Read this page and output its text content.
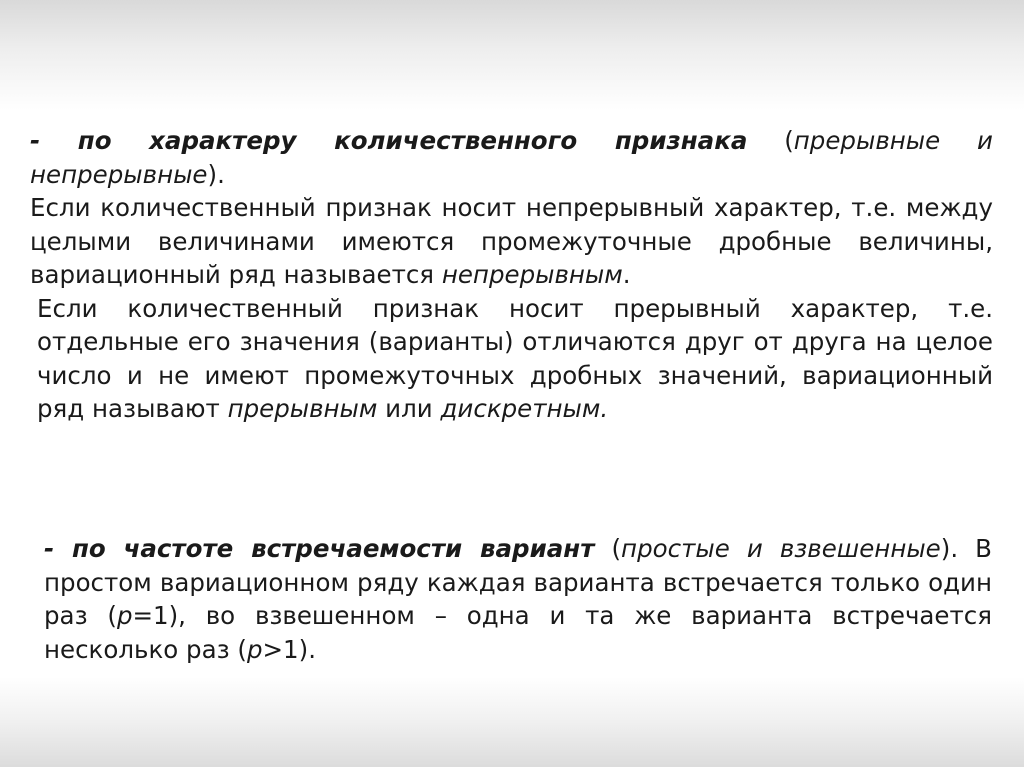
- по характеру количественного признака (прерывные и непрерывные).

Если количественный признак носит непрерывный характер, т.е. между целыми величинами имеются промежуточные дробные величины, вариационный ряд называется непрерывным.

Если количественный признак носит прерывный характер, т.е. отдельные его значения (варианты) отличаются друг от друга на целое число и не имеют промежуточных дробных значений, вариационный ряд называют прерывным или дискретным.

- по частоте встречаемости вариант (простые и взвешенные). В простом вариационном ряду каждая варианта встречается только один раз (р=1), во взвешенном – одна и та же варианта встречается несколько раз (р>1).
